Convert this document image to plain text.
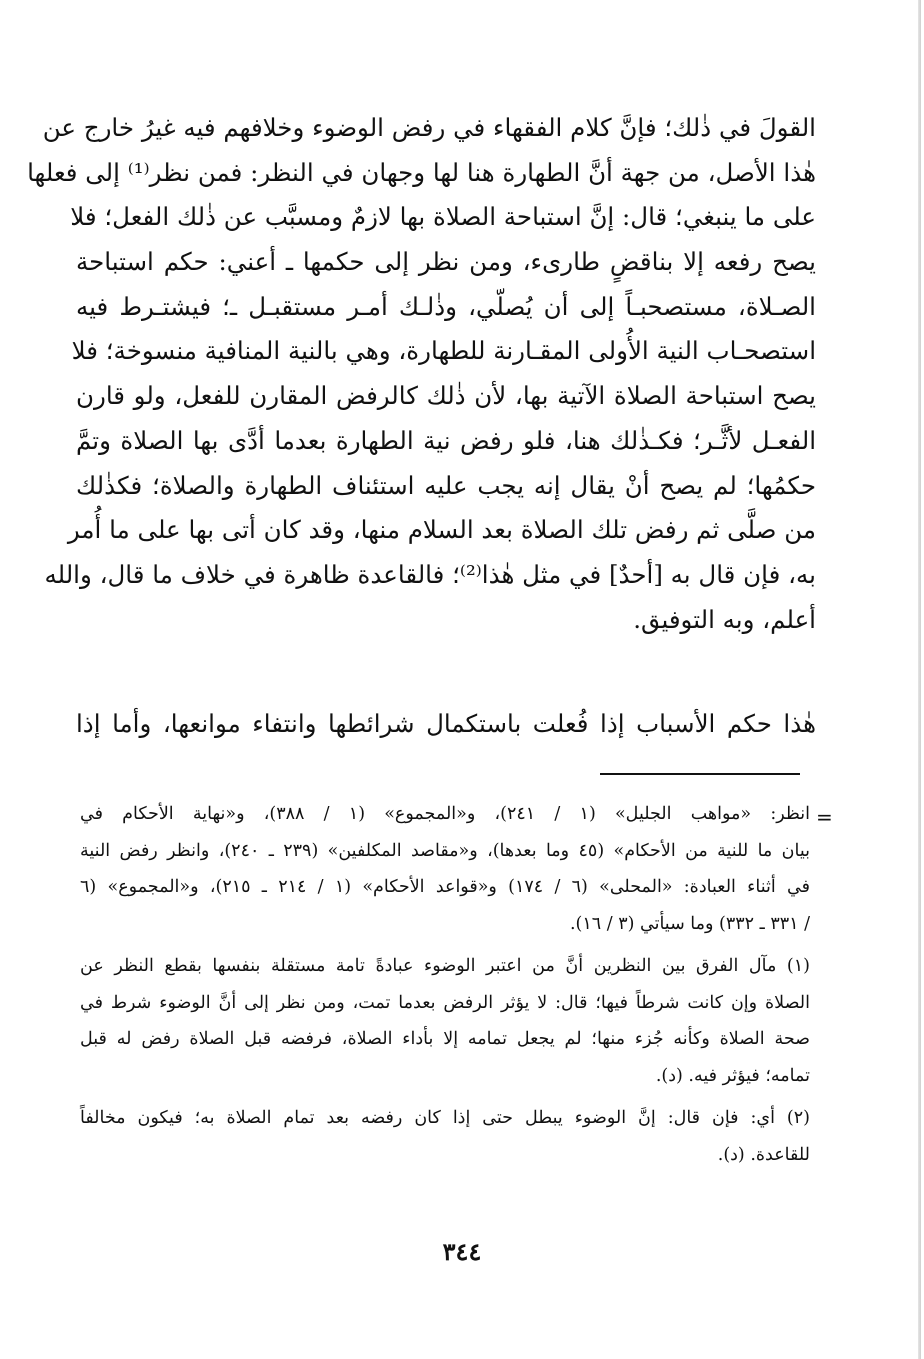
القولَ في ذٰلك؛ فإنَّ كلام الفقهاء في رفض الوضوء وخلافهم فيه غيرُ خارج عن
هٰذا الأصل، من جهة أنَّ الطهارة هنا لها وجهان في النظر: فمن نظر⁽¹⁾ إلى فعلها
على ما ينبغي؛ قال: إنَّ استباحة الصلاة بها لازمٌ ومسبَّب عن ذٰلك الفعل؛ فلا
يصح رفعه إلا بناقضٍ طارىء، ومن نظر إلى حكمها ـ أعني: حكم استباحة
الصـلاة، مستصحبـاً إلى أن يُصلّي، وذٰلـك أمـر مستقبـل ـ؛ فيشتـرط فيه
استصحـاب النية الأُولى المقـارنة للطهارة، وهي بالنية المنافية منسوخة؛ فلا
يصح استباحة الصلاة الآتية بها، لأن ذٰلك كالرفض المقارن للفعل، ولو قارن
الفعـل لأثَّـر؛ فكـذٰلك هنا، فلو رفض نية الطهارة بعدما أدَّى بها الصلاة وتمَّ
حكمُها؛ لم يصح أنْ يقال إنه يجب عليه استئناف الطهارة والصلاة؛ فكذٰلك
من صلَّى ثم رفض تلك الصلاة بعد السلام منها، وقد كان أتى بها على ما أُمر
به، فإن قال به [أحدٌ] في مثل هٰذا⁽²⁾؛ فالقاعدة ظاهرة في خلاف ما قال، والله
أعلم، وبه التوفيق.
هٰذا حكم الأسباب إذا فُعلت باستكمال شرائطها وانتفاء موانعها، وأما إذا
=
انظر: «مواهب الجليل» (١ / ٢٤١)، و«المجموع» (١ / ٣٨٨)، و«نهاية الأحكام في
بيان ما للنية من الأحكام» (٤٥ وما بعدها)، و«مقاصد المكلفين» (٢٣٩ ـ ٢٤٠)، وانظر رفض النية
في أثناء العبادة: «المحلى» (٦ / ١٧٤) و«قواعد الأحكام» (١ / ٢١٤ ـ ٢١٥)، و«المجموع» (٦
/ ٣٣١ ـ ٣٣٢) وما سيأتي (٣ / ١٦).
(١) مآل الفرق بين النظرين أنَّ من اعتبر الوضوء عبادةً تامة مستقلة بنفسها بقطع النظر عن
الصلاة وإن كانت شرطاً فيها؛ قال: لا يؤثر الرفض بعدما تمت، ومن نظر إلى أنَّ الوضوء شرط في
صحة الصلاة وكأنه جُزء منها؛ لم يجعل تمامه إلا بأداء الصلاة، فرفضه قبل الصلاة رفض له قبل
تمامه؛ فيؤثر فيه. (د).
(٢) أي: فإن قال: إنَّ الوضوء يبطل حتى إذا كان رفضه بعد تمام الصلاة به؛ فيكون مخالفاً
للقاعدة. (د).
٣٤٤
